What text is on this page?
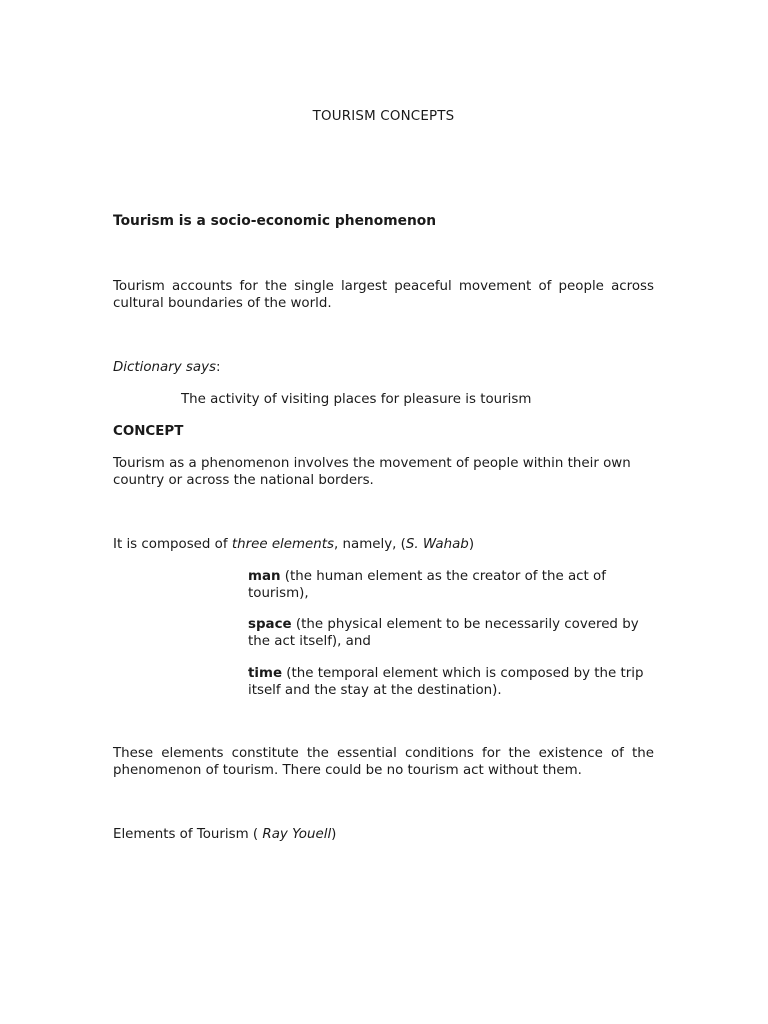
TOURISM CONCEPTS
Tourism is a socio-economic phenomenon

Tourism accounts for the single largest peaceful movement of people across cultural boundaries of the world.

Dictionary says:
The activity of visiting places for pleasure is tourism
CONCEPT

Tourism as a phenomenon involves the movement of people within their own country or across the national borders.

It is composed of three elements, namely, (S. Wahab)
man (the human element as the creator of the act of tourism),
space (the physical element to be necessarily covered by the act itself), and
time (the temporal element which is composed by the trip itself and the stay at the destination).

These elements constitute the essential conditions for the existence of the phenomenon of tourism. There could be no tourism act without them.

Elements of Tourism ( Ray Youell)
